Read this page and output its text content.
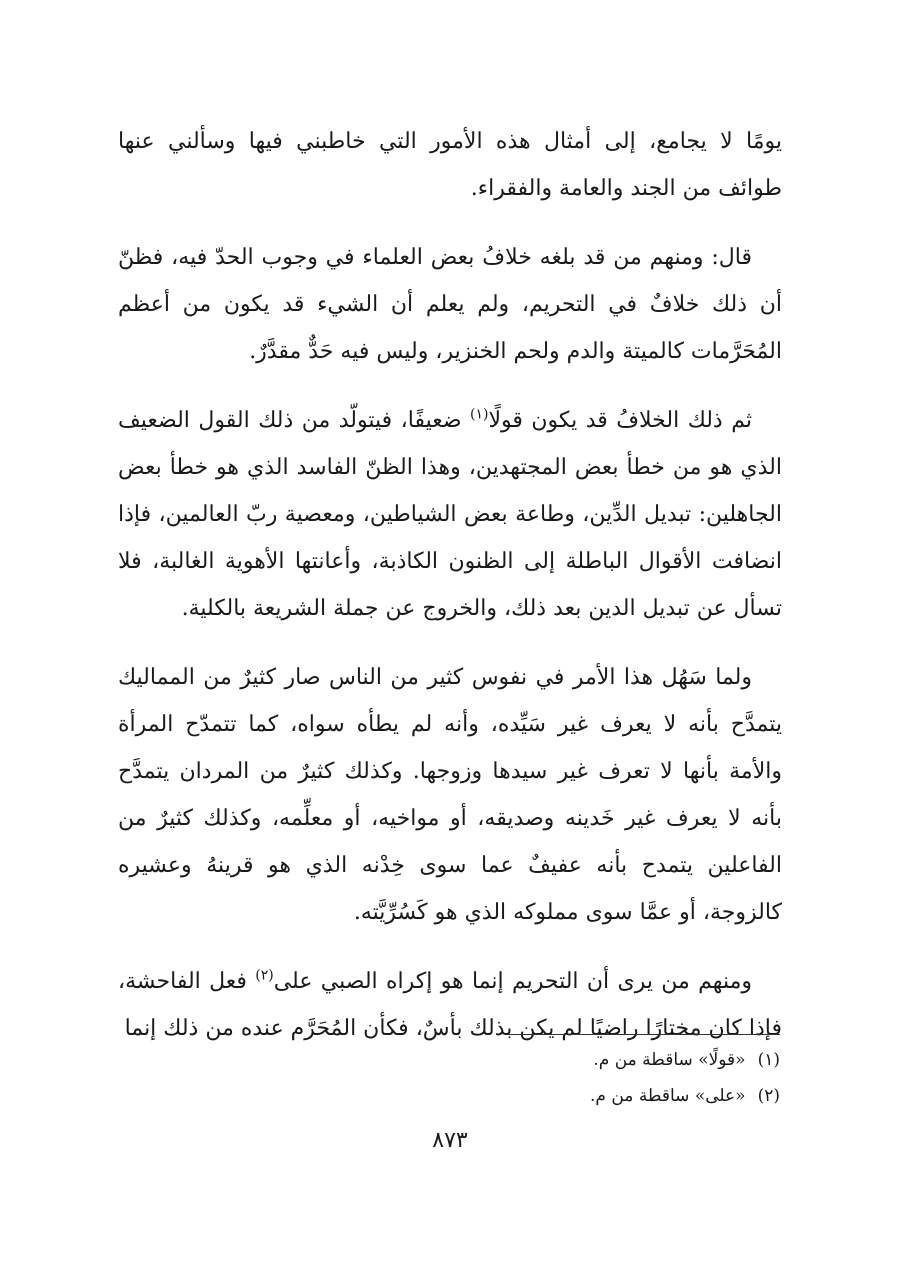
يومًا لا يجامع، إلى أمثال هذه الأمور التي خاطبني فيها وسألني عنها طوائف من الجند والعامة والفقراء.

قال: ومنهم من قد بلغه خلافُ بعض العلماء في وجوب الحدّ فيه، فظنّ أن ذلك خلافٌ في التحريم، ولم يعلم أن الشيء قد يكون من أعظم المُحَرَّمات كالميتة والدم ولحم الخنزير، وليس فيه حَدٌّ مقدَّرٌ.

ثم ذلك الخلافُ قد يكون قولًا$^{(١)}$ ضعيفًا، فيتولّد من ذلك القول الضعيف الذي هو من خطأ بعض المجتهدين، وهذا الظنّ الفاسد الذي هو خطأ بعض الجاهلين: تبديل الدِّين، وطاعة بعض الشياطين، ومعصية ربّ العالمين، فإذا انضافت الأقوال الباطلة إلى الظنون الكاذبة، وأعانتها الأهوية الغالبة، فلا تسأل عن تبديل الدين بعد ذلك، والخروج عن جملة الشريعة بالكلية.

ولما سَهُل هذا الأمر في نفوس كثير من الناس صار كثيرٌ من المماليك يتمدَّح بأنه لا يعرف غير سَيِّده، وأنه لم يطأه سواه، كما تتمدّح المرأة والأمة بأنها لا تعرف غير سيدها وزوجها. وكذلك كثيرٌ من المردان يتمدَّح بأنه لا يعرف غير خَدينه وصديقه، أو مواخيه، أو معلِّمه، وكذلك كثيرٌ من الفاعلين يتمدح بأنه عفيفٌ عما سوى خِدْنه الذي هو قرينهُ وعشيره كالزوجة، أو عمَّا سوى مملوكه الذي هو كَسُرِّيَّته.

ومنهم من يرى أن التحريم إنما هو إكراه الصبي على$^{(٢)}$ فعل الفاحشة، فإذا كان مختارًا راضيًا لم يكن بذلك بأسٌ، فكأن المُحَرَّم عنده من ذلك إنما

(١)«قولًا» ساقطة من م.

(٢)«على» ساقطة من م.

٨٧٣
